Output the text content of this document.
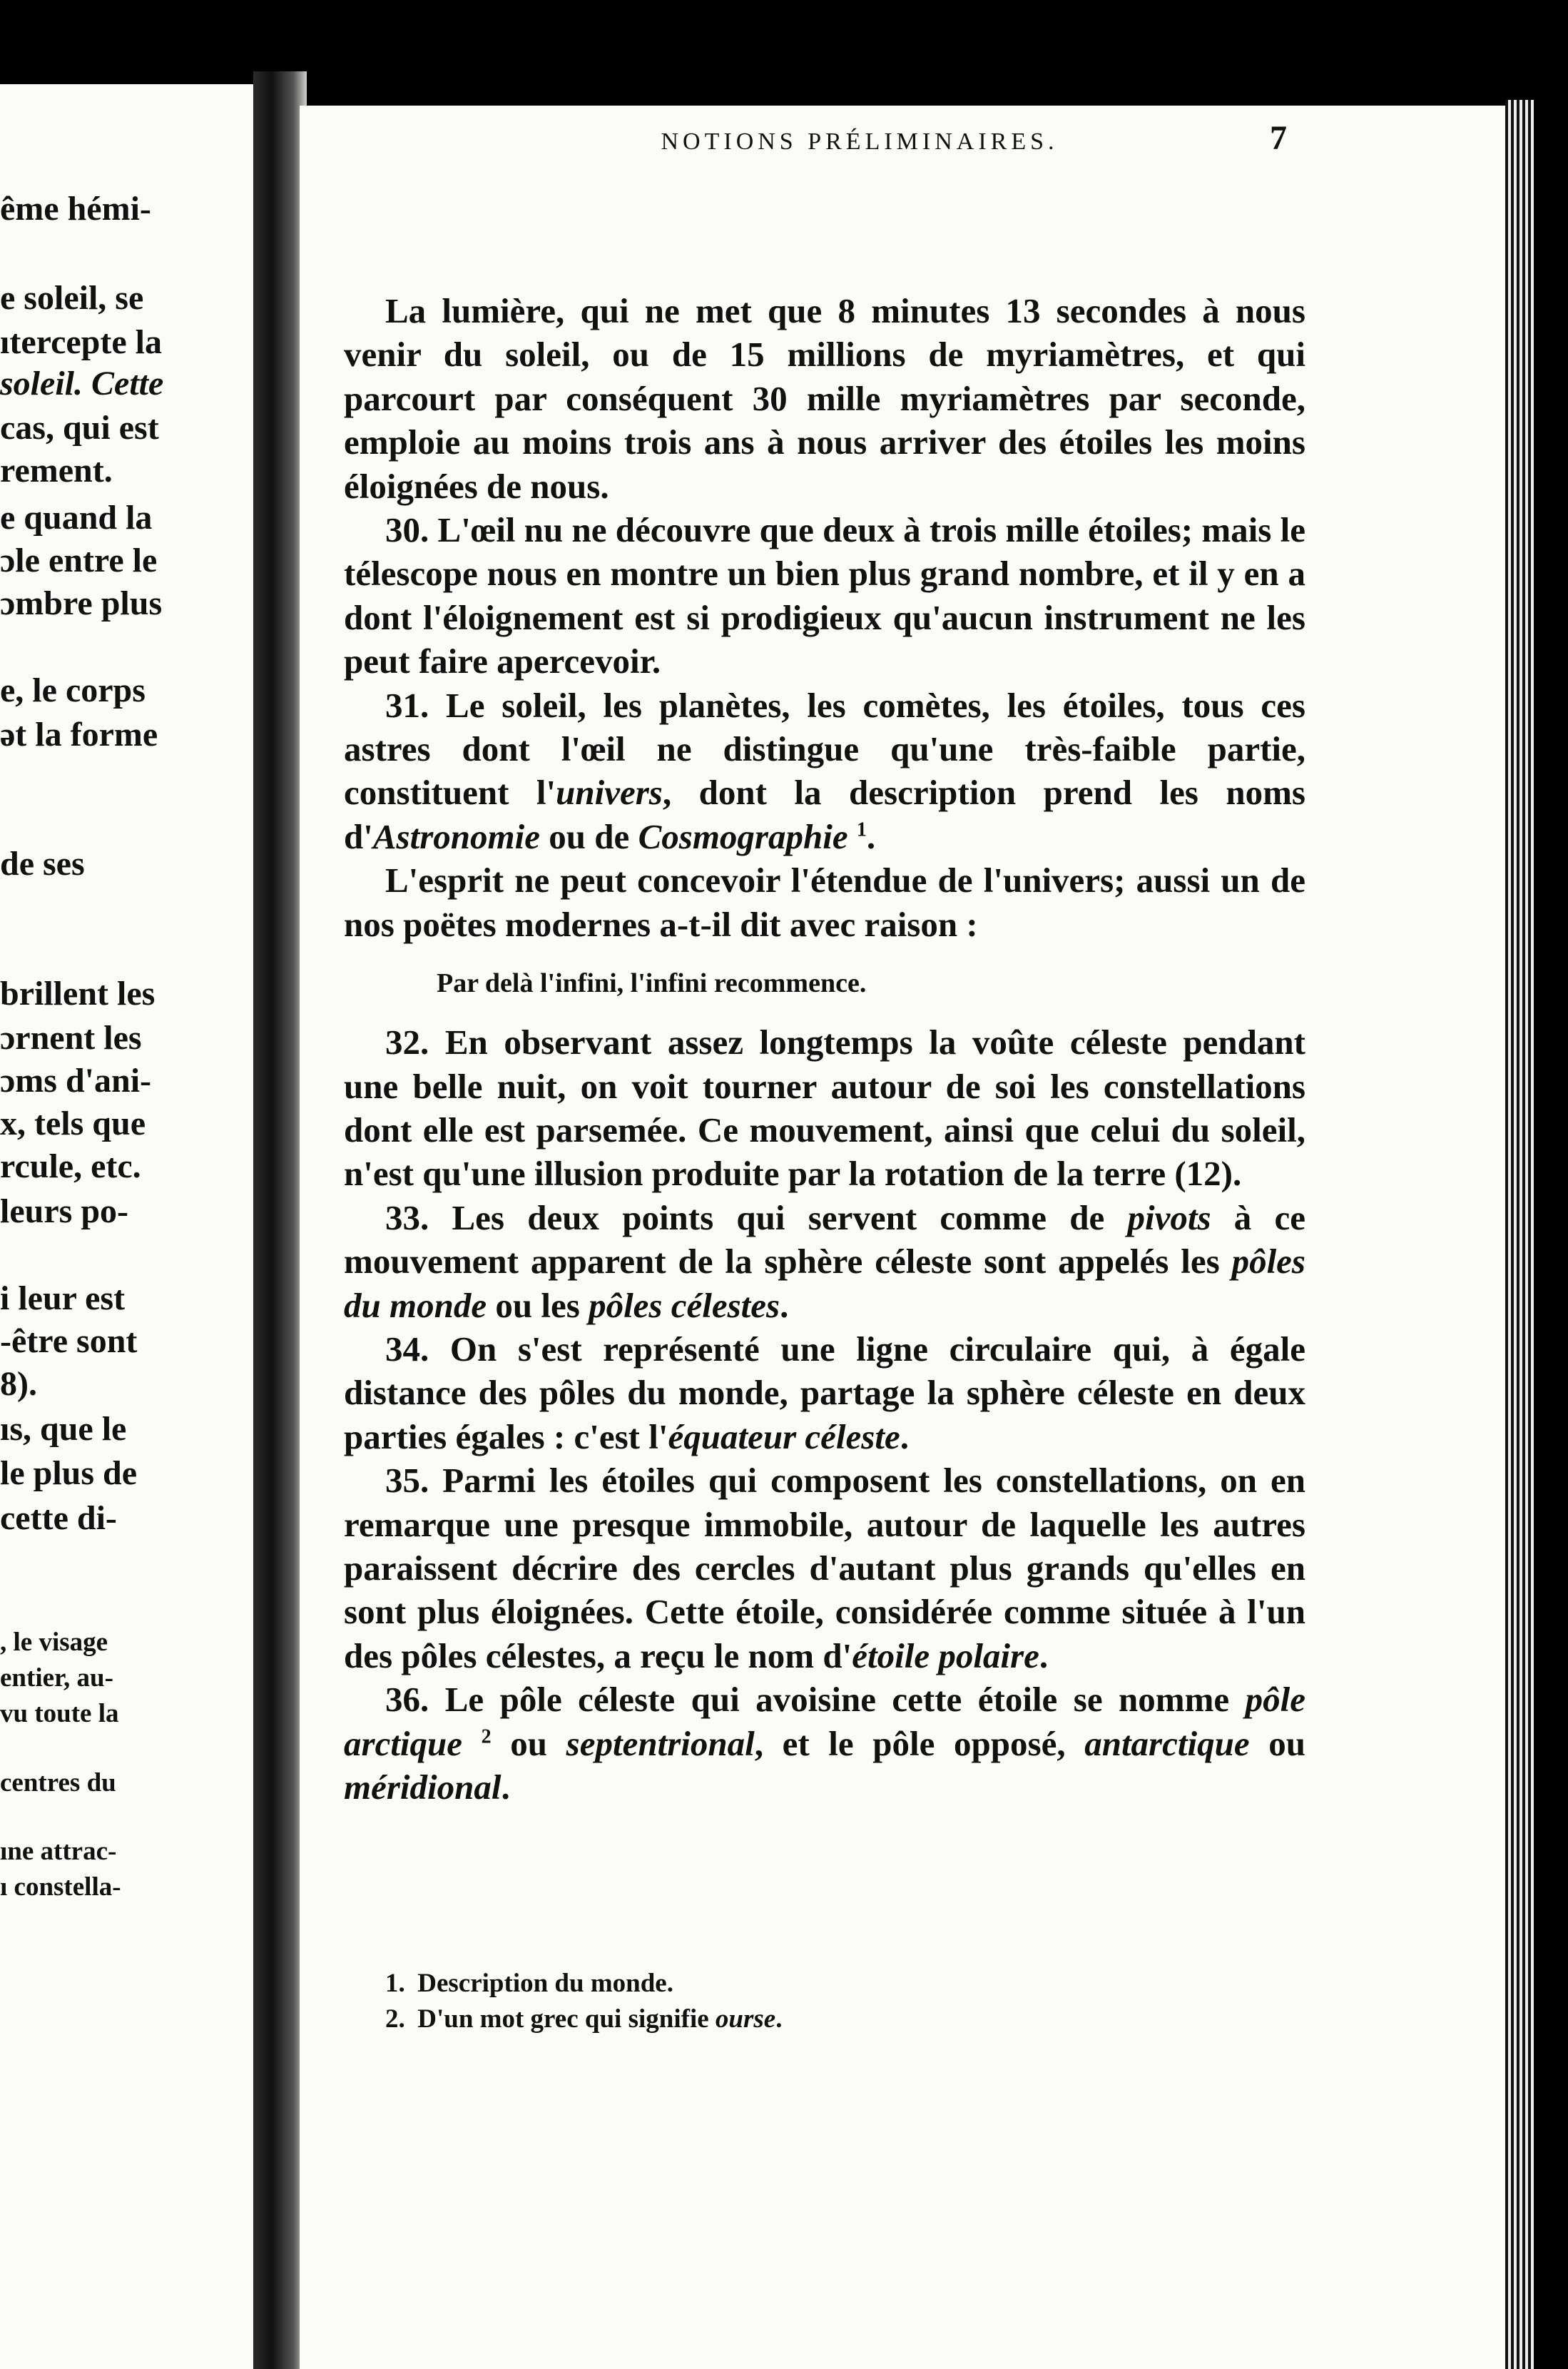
ême hémi-
e soleil, se
ıtercepte la
soleil. Cette
cas, qui est
rement.
e quand la
ɔle entre le
ɔmbre plus
e, le corps
ət la forme
de ses
brillent les
ɔrnent les
ɔms d'ani-
x, tels que
rcule, etc.
leurs po-
i leur est
-être sont
8).
ıs, que le
le plus de
cette di-
, le visage
entier, au-
vu toute la
centres du
ıne attrac-
ı constella-
NOTIONS PRÉLIMINAIRES.	7

La lumière, qui ne met que 8 minutes 13 secondes à nous venir du soleil, ou de 15 millions de myriamètres, et qui parcourt par conséquent 30 mille myriamètres par seconde, emploie au moins trois ans à nous arriver des étoiles les moins éloignées de nous.

30. L'œil nu ne découvre que deux à trois mille étoiles; mais le télescope nous en montre un bien plus grand nombre, et il y en a dont l'éloignement est si prodigieux qu'aucun instrument ne les peut faire apercevoir.

31. Le soleil, les planètes, les comètes, les étoiles, tous ces astres dont l'œil ne distingue qu'une très-faible partie, constituent l'univers, dont la description prend les noms d'Astronomie ou de Cosmographie $^1$.

L'esprit ne peut concevoir l'étendue de l'univers; aussi un de nos poëtes modernes a-t-il dit avec raison :

Par delà l'infini, l'infini recommence.

32. En observant assez longtemps la voûte céleste pendant une belle nuit, on voit tourner autour de soi les constellations dont elle est parsemée. Ce mouvement, ainsi que celui du soleil, n'est qu'une illusion produite par la rotation de la terre (12).

33. Les deux points qui servent comme de pivots à ce mouvement apparent de la sphère céleste sont appelés les pôles du monde ou les pôles célestes.

34. On s'est représenté une ligne circulaire qui, à égale distance des pôles du monde, partage la sphère céleste en deux parties égales : c'est l'équateur céleste.

35. Parmi les étoiles qui composent les constellations, on en remarque une presque immobile, autour de laquelle les autres paraissent décrire des cercles d'autant plus grands qu'elles en sont plus éloignées. Cette étoile, considérée comme située à l'un des pôles célestes, a reçu le nom d'étoile polaire.

36. Le pôle céleste qui avoisine cette étoile se nomme pôle arctique $^2$ ou septentrional, et le pôle opposé, antarctique ou méridional.

1. Description du monde.

2. D'un mot grec qui signifie ourse.
